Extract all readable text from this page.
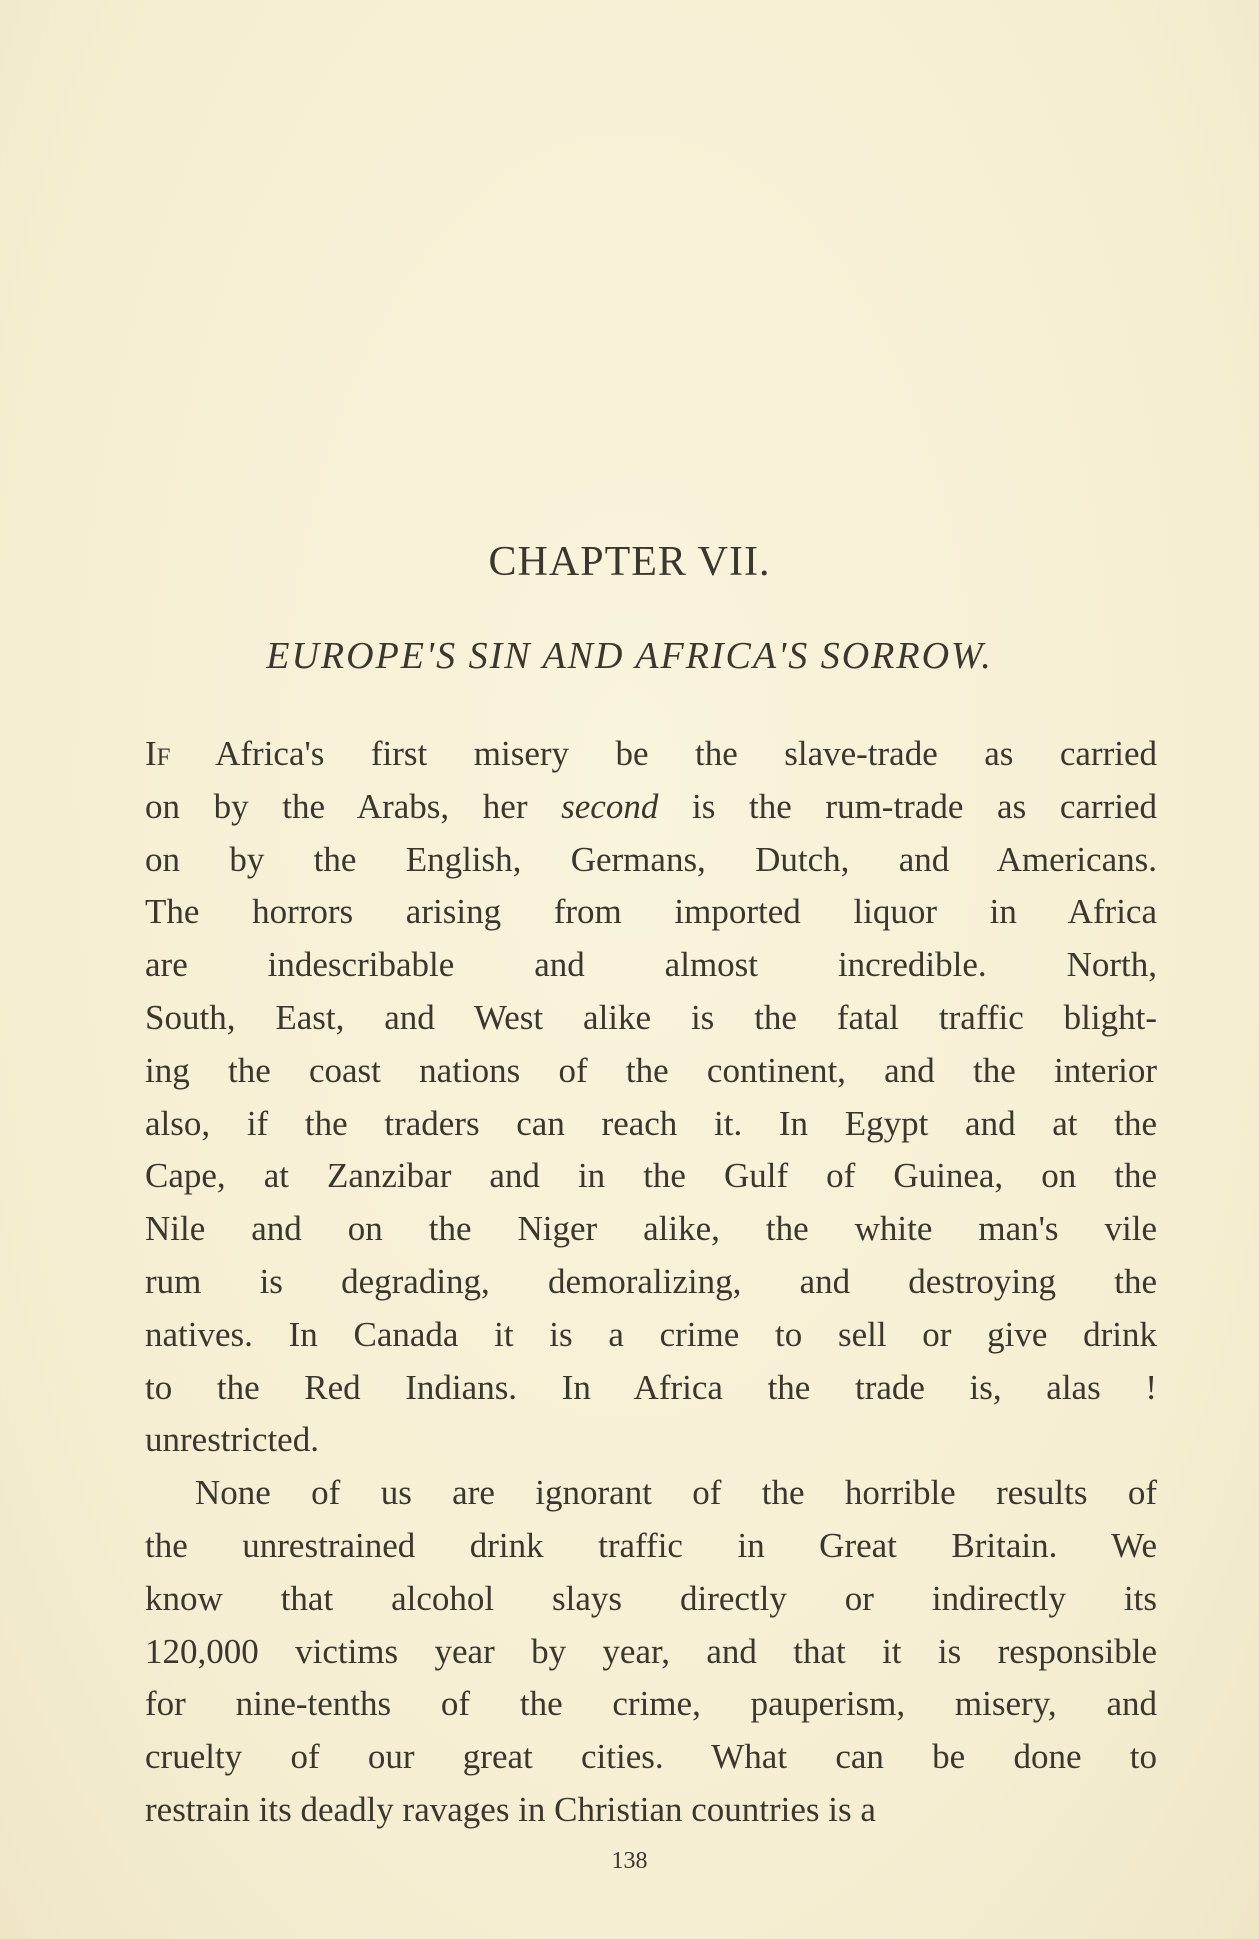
CHAPTER VII.
EUROPE'S SIN AND AFRICA'S SORROW.
If Africa's first misery be the slave-trade as carried
on by the Arabs, her second is the rum-trade as carried
on by the English, Germans, Dutch, and Americans.
The horrors arising from imported liquor in Africa
are indescribable and almost incredible. North,
South, East, and West alike is the fatal traffic blight-
ing the coast nations of the continent, and the interior
also, if the traders can reach it. In Egypt and at the
Cape, at Zanzibar and in the Gulf of Guinea, on the
Nile and on the Niger alike, the white man's vile
rum is degrading, demoralizing, and destroying the
natives. In Canada it is a crime to sell or give drink
to the Red Indians. In Africa the trade is, alas !
unrestricted.
None of us are ignorant of the horrible results of
the unrestrained drink traffic in Great Britain. We
know that alcohol slays directly or indirectly its
120,000 victims year by year, and that it is responsible
for nine-tenths of the crime, pauperism, misery, and
cruelty of our great cities. What can be done to
restrain its deadly ravages in Christian countries is a
138
